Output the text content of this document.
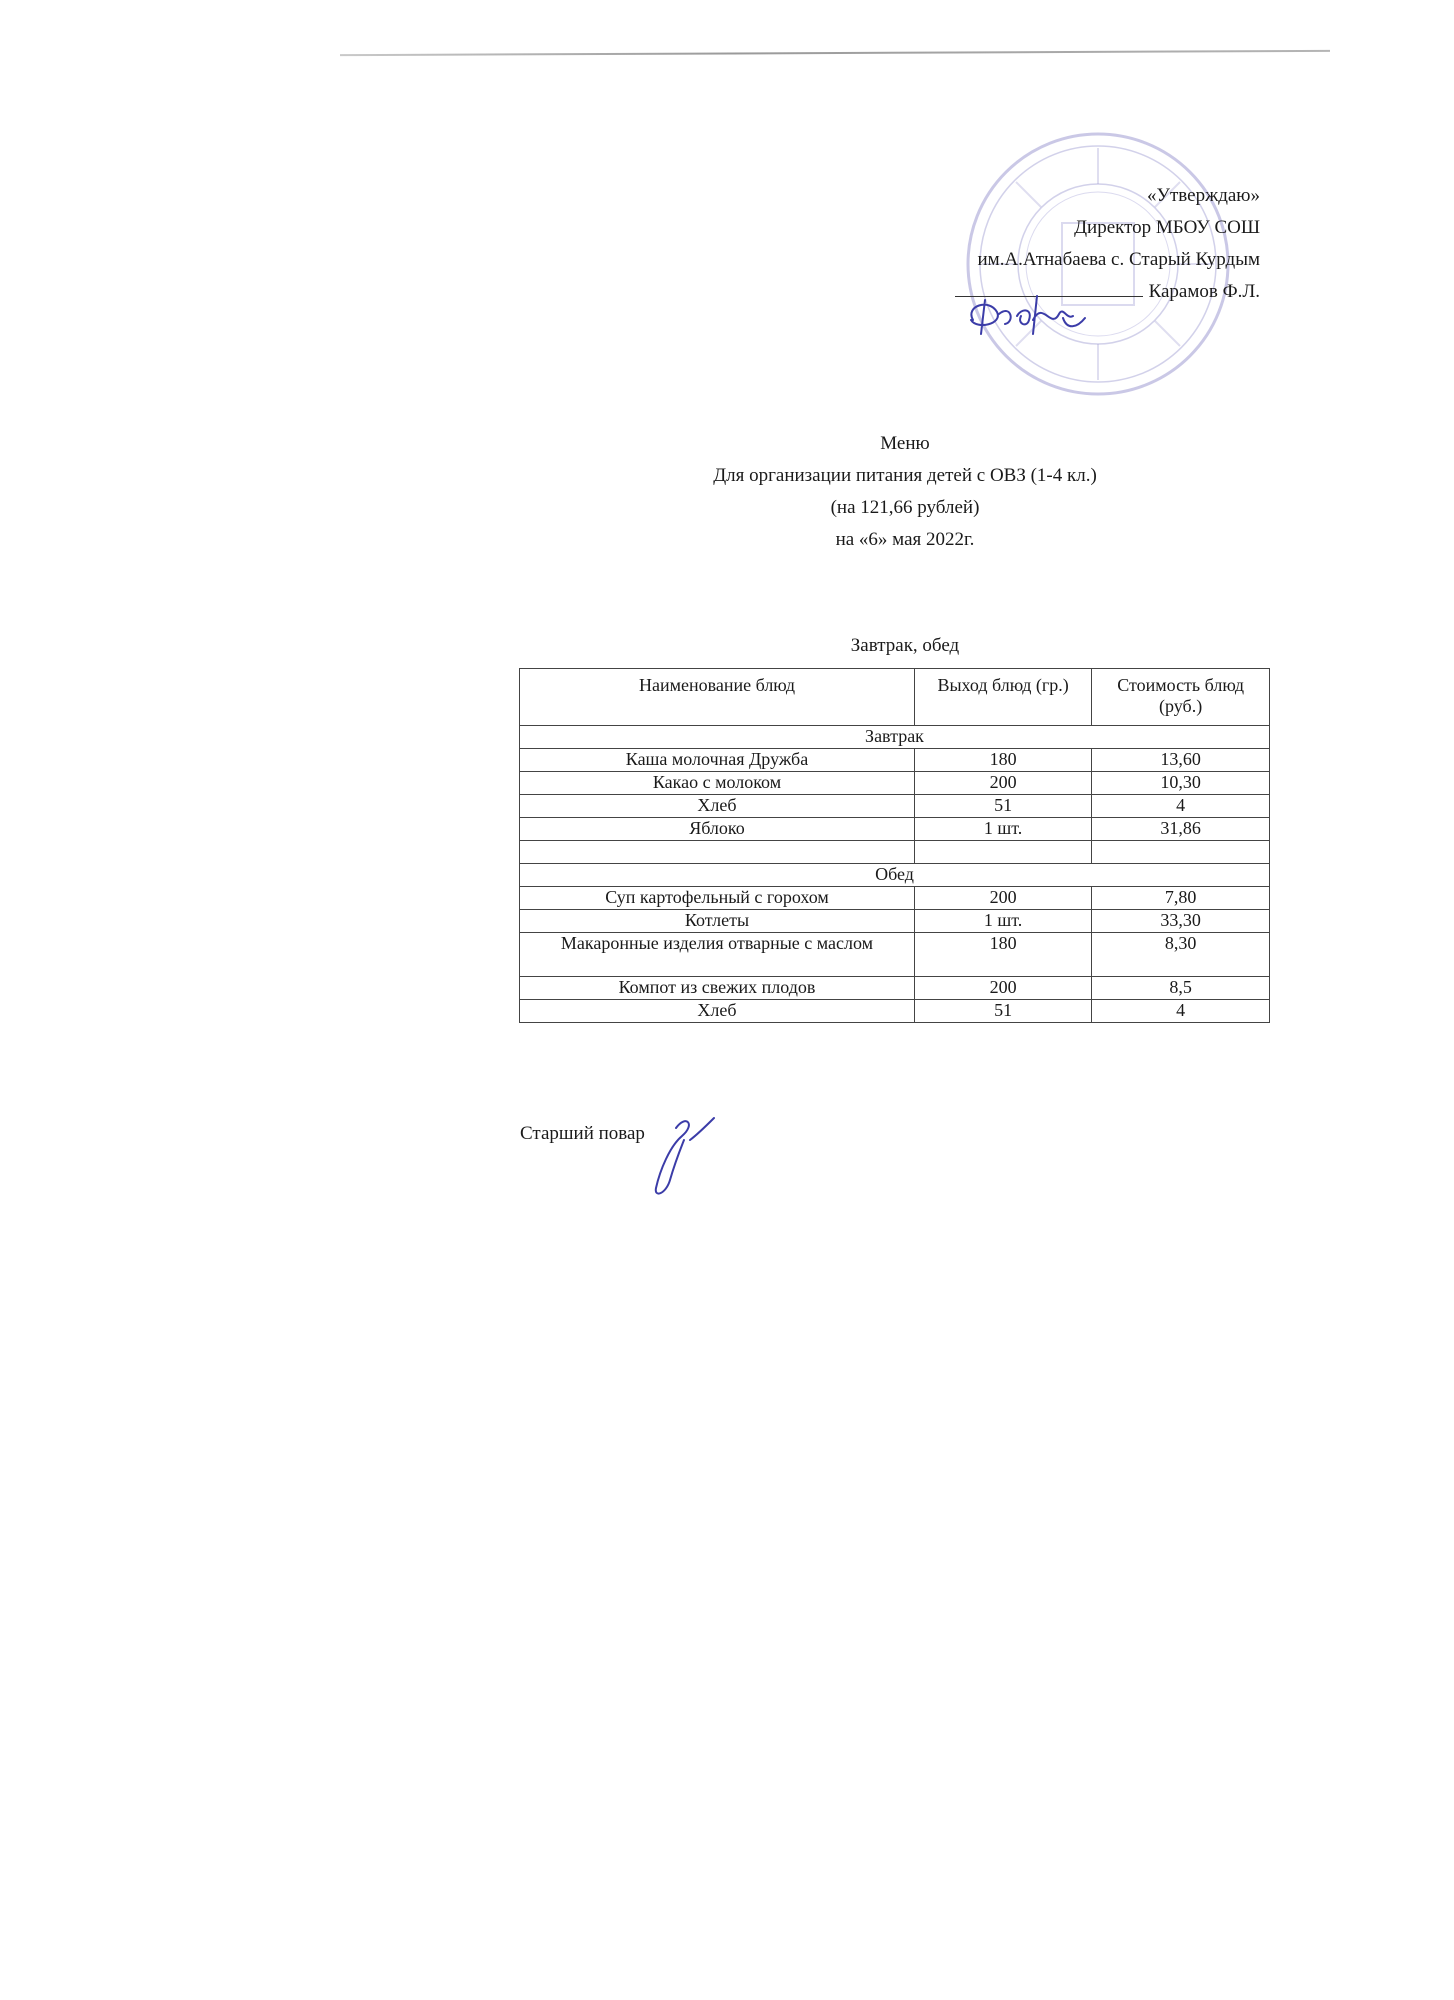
«Утверждаю»
Директор МБОУ СОШ
им.А.Атнабаева с. Старый Курдым
Карамов Ф.Л.
Меню
Для организации питания детей с ОВЗ (1-4 кл.)
(на 121,66 рублей)
на «6» мая 2022г.
Завтрак, обед
Наименование блюд	Выход блюд (гр.)	Стоимость блюд (руб.)
Завтрак		
Каша молочная Дружба	180	13,60
Какао с молоком	200	10,30
Хлеб	51	4
Яблоко	1 шт.	31,86

Обед		
Суп картофельный с горохом	200	7,80
Котлеты	1 шт.	33,30
Макаронные изделия отварные с маслом	180	8,30
Компот из свежих плодов	200	8,5
Хлеб	51	4
Старший повар
